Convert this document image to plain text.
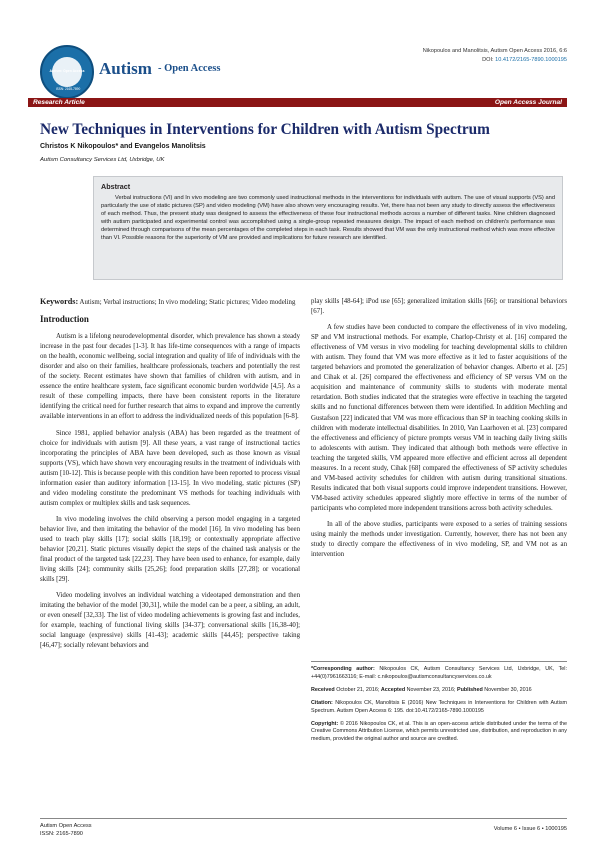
Autism: Open Access
ISSN: 2165-7890
Autism - Open Access
Nikopoulos and Manolitsis, Autism Open Access 2016, 6:6
DOI: 10.4172/2165-7890.1000195
Research Article	Open Access Journal
New Techniques in Interventions for Children with Autism Spectrum
Christos K Nikopoulos* and Evangelos Manolitsis
Autism Consultancy Services Ltd, Uxbridge, UK
Abstract
Verbal instructions (VI) and In vivo modeling are two commonly used instructional methods in the interventions for individuals with autism. The use of visual supports (VS) and particularly the use of static pictures (SP) and video modeling (VM) have also shown very encouraging results. Yet, there has not been any study to directly assess the effectiveness of each method. Thus, the present study was designed to assess the effectiveness of these four instructional methods across a number of different tasks. Nine children diagnosed with autism participated and experimental control was accomplished using a single-group repeated measures design. The impact of each method on children's performance was determined through comparisons of the mean percentages of the completed steps in each task. Results showed that VM was the only instructional method which was more effective than VI. Possible reasons for the superiority of VM are provided and implications for future research are identified.

Keywords: Autism; Verbal instructions; In vivo modeling; Static pictures; Video modeling

Introduction

Autism is a lifelong neurodevelopmental disorder, which prevalence has shown a steady increase in the past four decades [1-3]. It has life-time consequences with a range of impacts on the health, economic wellbeing, social integration and quality of life of individuals with the disorder and also on their families, healthcare professionals, teachers and potentially the rest of the society. Recent estimates have shown that families of children with autism, and in essence the entire healthcare system, face significant economic burden worldwide [4,5]. As a result of these compelling impacts, there have been consistent reports in the literature identifying the critical need for further research that aims to expand and improve the currently available interventions in an effort to address the individualized needs of this population [6-8].

Since 1981, applied behavior analysis (ABA) has been regarded as the treatment of choice for individuals with autism [9]. All these years, a vast range of instructional tactics incorporating the principles of ABA have been developed, such as those known as visual supports (VS), which have shown very encouraging results in the treatment of individuals with autism [10-12]. This is because people with this condition have been reported to process visual information easier than auditory information [13-15]. In vivo modeling, static pictures (SP) and video modeling constitute the predominant VS methods for teaching individuals with autism complex or multiplex skills and task sequences.

In vivo modeling involves the child observing a person model engaging in a targeted behavior live, and then imitating the behavior of the model [16]. In vivo modeling has been used to teach play skills [17]; social skills [18,19]; or contextually appropriate affective behavior [20,21]. Static pictures visually depict the steps of the chained task analysis or the final product of the targeted task [22,23]. They have been used to enhance, for example, daily living skills [24]; community skills [25,26]; food preparation skills [27,28]; or vocational skills [29].

Video modeling involves an individual watching a videotaped demonstration and then imitating the behavior of the model [30,31], while the model can be a peer, a sibling, an adult, or even oneself [32,33]. The list of video modeling achievements is growing fast and includes, for example, teaching of functional living skills [34-37]; conversational skills [16,38-40]; social language (expressive) skills [41-43]; academic skills [44,45]; perspective taking [46,47]; socially relevant behaviors and

play skills [48-64]; iPod use [65]; generalized imitation skills [66]; or transitional behaviors [67].

A few studies have been conducted to compare the effectiveness of in vivo modeling, SP and VM instructional methods. For example, Charlop-Christy et al. [16] compared the effectiveness of VM versus in vivo modeling for teaching developmental skills to children with autism. They found that VM was more effective as it led to faster acquisitions of the targeted behaviors and promoted the generalization of behavior changes. Alberto et al. [25] and Cihak et al. [26] compared the effectiveness and efficiency of SP versus VM on the acquisition and maintenance of community skills to students with moderate mental retardation. Both studies indicated that the strategies were effective in teaching the targeted skills and no functional differences between them were identified. In addition Mechling and Gustafson [22] indicated that VM was more efficacious than SP in teaching cooking skills in children with moderate intellectual disabilities. In 2010, Van Laarhoven et al. [23] compared the effectiveness and efficiency of picture prompts versus VM in teaching daily living skills to adolescents with autism. They indicated that although both methods were effective in teaching the targeted skills, VM appeared more effective and efficient across all dependent measures. In a recent study, Cihak [68] compared the effectiveness of SP activity schedules and VM-based activity schedules for children with autism during transitional situations. Results indicated that both visual supports could improve independent transitions. However, VM-based activity schedules appeared slightly more effective in terms of the number of participants who completed more independent transitions across both activity schedules.

In all of the above studies, participants were exposed to a series of training sessions using mainly the methods under investigation. Currently, however, there has not been any study to directly compare the effectiveness of in vivo modeling, SP, and VM not as an intervention

*Corresponding author: Nikopoulos CK, Autism Consultancy Services Ltd, Uxbridge, UK, Tel: +44(0)7961663116; E-mail: c.nikopoulos@autismconsultancyservices.co.uk
Received October 21, 2016; Accepted November 23, 2016; Published November 30, 2016
Citation: Nikopoulos CK, Manolitsis E (2016) New Techniques in Interventions for Children with Autism Spectrum. Autism Open Access 6: 195. doi:10.4172/2165-7890.1000195
Copyright: © 2016 Nikopoulos CK, et al. This is an open-access article distributed under the terms of the Creative Commons Attribution License, which permits unrestricted use, distribution, and reproduction in any medium, provided the original author and source are credited.
Autism Open Access
ISSN: 2165-7890
Volume 6 • Issue 6 • 1000195
